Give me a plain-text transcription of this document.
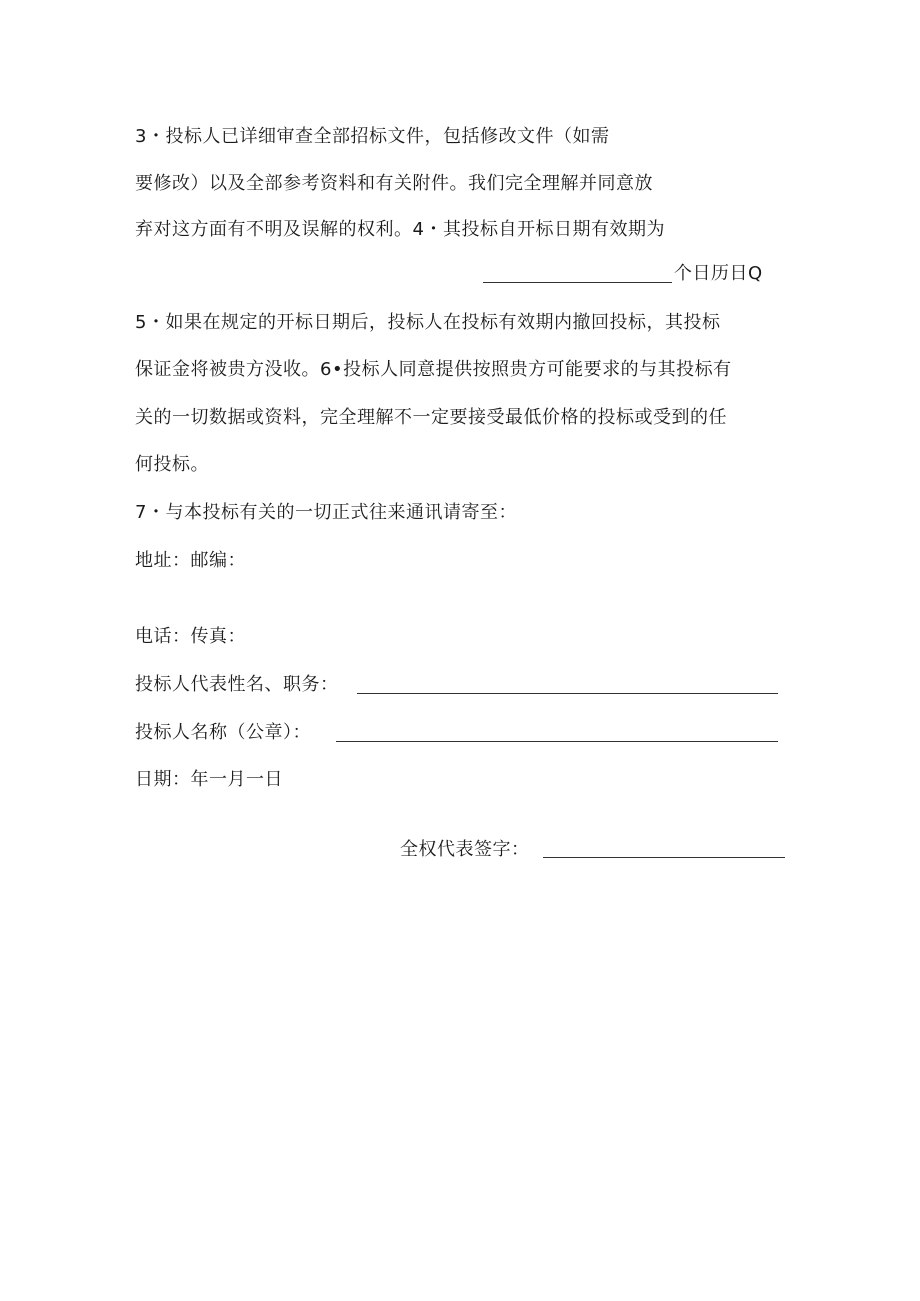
3・投标人已详细审查全部招标文件，包括修改文件（如需
要修改）以及全部参考资料和有关附件。我们完全理解并同意放
弃对这方面有不明及误解的权利。4・其投标自开标日期有效期为
个日历日Q
5・如果在规定的开标日期后，投标人在投标有效期内撤回投标，其投标
保证金将被贵方没收。6•投标人同意提供按照贵方可能要求的与其投标有
关的一切数据或资料，完全理解不一定要接受最低价格的投标或受到的任
何投标。
7・与本投标有关的一切正式往来通讯请寄至：
地址：邮编：
电话：传真：
投标人代表性名、职务：
投标人名称（公章）：
日期：年一月一日
全权代表签字：
